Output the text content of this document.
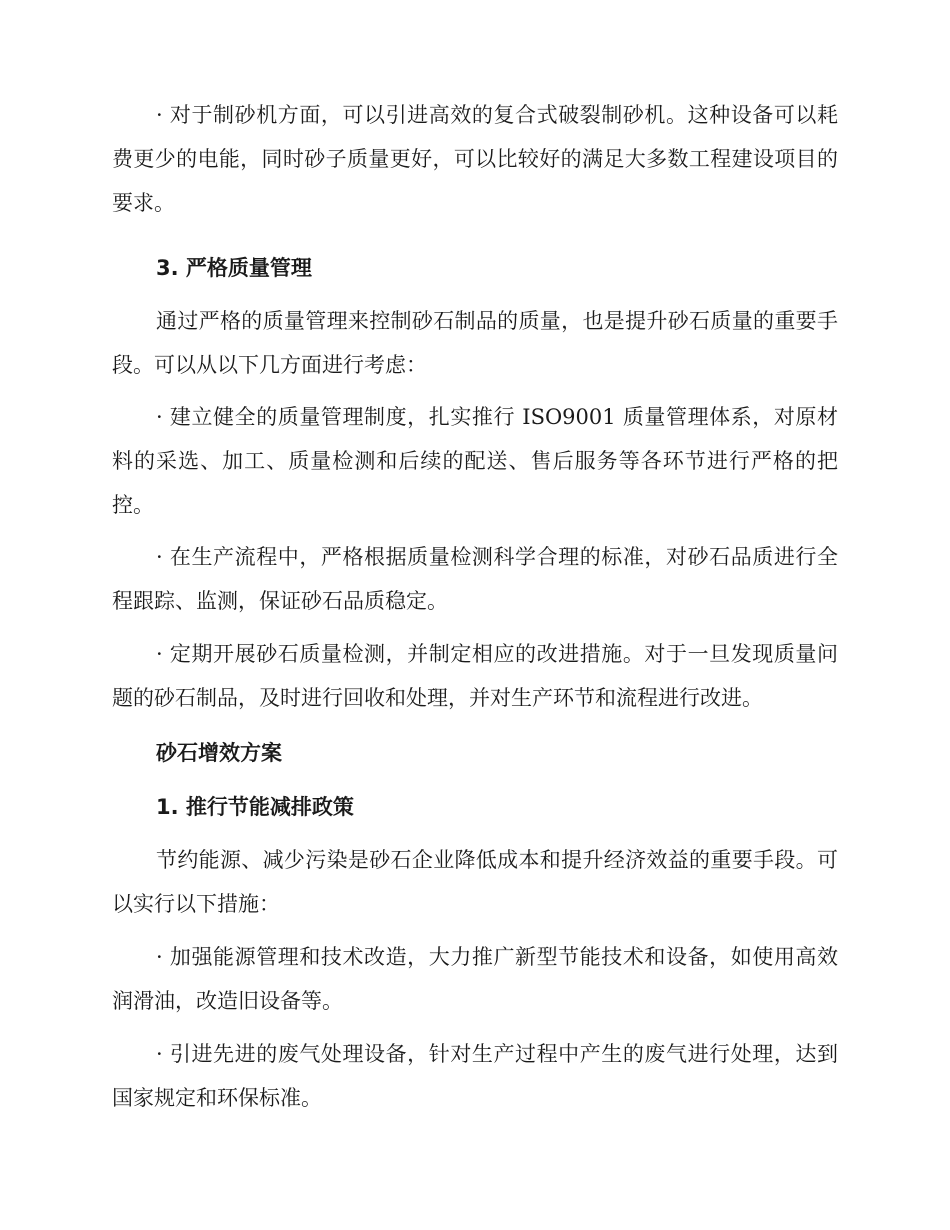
· 对于制砂机方面，可以引进高效的复合式破裂制砂机。这种设备可以耗费更少的电能，同时砂子质量更好，可以比较好的满足大多数工程建设项目的要求。

3. 严格质量管理

通过严格的质量管理来控制砂石制品的质量，也是提升砂石质量的重要手段。可以从以下几方面进行考虑：

· 建立健全的质量管理制度，扎实推行 ISO9001 质量管理体系，对原材料的采选、加工、质量检测和后续的配送、售后服务等各环节进行严格的把控。

· 在生产流程中，严格根据质量检测科学合理的标准，对砂石品质进行全程跟踪、监测，保证砂石品质稳定。

· 定期开展砂石质量检测，并制定相应的改进措施。对于一旦发现质量问题的砂石制品，及时进行回收和处理，并对生产环节和流程进行改进。

砂石增效方案
1. 推行节能减排政策

节约能源、减少污染是砂石企业降低成本和提升经济效益的重要手段。可以实行以下措施：

· 加强能源管理和技术改造，大力推广新型节能技术和设备，如使用高效润滑油，改造旧设备等。

· 引进先进的废气处理设备，针对生产过程中产生的废气进行处理，达到国家规定和环保标准。
